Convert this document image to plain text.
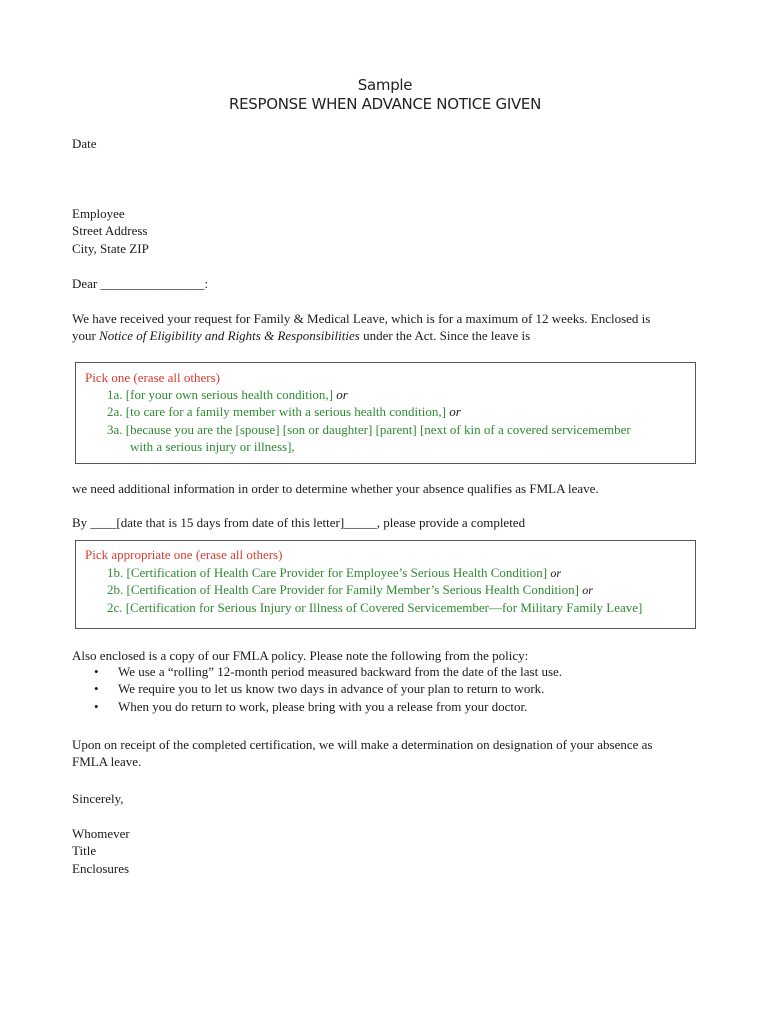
Sample
RESPONSE WHEN ADVANCE NOTICE GIVEN
Date
Employee
Street Address
City, State ZIP
Dear ________________:
We have received your request for Family & Medical Leave, which is for a maximum of 12 weeks. Enclosed is
your Notice of Eligibility and Rights & Responsibilities under the Act. Since the leave is
Pick one (erase all others)
1a. [for your own serious health condition,] or
2a. [to care for a family member with a serious health condition,] or
3a. [because you are the [spouse] [son or daughter] [parent] [next of kin of a covered servicemember
with a serious injury or illness],
we need additional information in order to determine whether your absence qualifies as FMLA leave.
By ____[date that is 15 days from date of this letter]_____, please provide a completed
Pick appropriate one (erase all others)
1b. [Certification of Health Care Provider for Employee’s Serious Health Condition] or
2b. [Certification of Health Care Provider for Family Member’s Serious Health Condition] or
2c. [Certification for Serious Injury or Illness of Covered Servicemember—for Military Family Leave]
Also enclosed is a copy of our FMLA policy. Please note the following from the policy:
• We use a “rolling” 12-month period measured backward from the date of the last use.
• We require you to let us know two days in advance of your plan to return to work.
• When you do return to work, please bring with you a release from your doctor.
Upon on receipt of the completed certification, we will make a determination on designation of your absence as
FMLA leave.
Sincerely,
Whomever
Title
Enclosures
